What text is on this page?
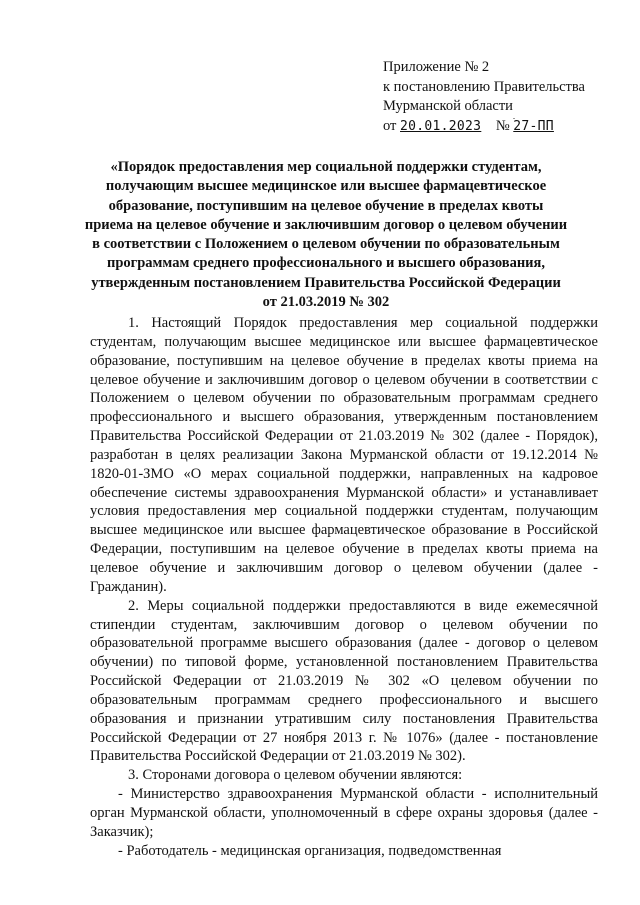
Приложение № 2
к постановлению Правительства
Мурманской области
от 20.01.2023 № 27-ПП
«Порядок предоставления мер социальной поддержки студентам, получающим высшее медицинское или высшее фармацевтическое образование, поступившим на целевое обучение в пределах квоты приема на целевое обучение и заключившим договор о целевом обучении в соответствии с Положением о целевом обучении по образовательным программам среднего профессионального и высшего образования, утвержденным постановлением Правительства Российской Федерации от 21.03.2019 № 302

1. Настоящий Порядок предоставления мер социальной поддержки студентам, получающим высшее медицинское или высшее фармацевтическое образование, поступившим на целевое обучение в пределах квоты приема на целевое обучение и заключившим договор о целевом обучении в соответствии с Положением о целевом обучении по образовательным программам среднего профессионального и высшего образования, утвержденным постановлением Правительства Российской Федерации от 21.03.2019 № 302 (далее - Порядок), разработан в целях реализации Закона Мурманской области от 19.12.2014 № 1820-01-ЗМО «О мерах социальной поддержки, направленных на кадровое обеспечение системы здравоохранения Мурманской области» и устанавливает условия предоставления мер социальной поддержки студентам, получающим высшее медицинское или высшее фармацевтическое образование в Российской Федерации, поступившим на целевое обучение в пределах квоты приема на целевое обучение и заключившим договор о целевом обучении (далее - Гражданин).

2. Меры социальной поддержки предоставляются в виде ежемесячной стипендии студентам, заключившим договор о целевом обучении по образовательной программе высшего образования (далее - договор о целевом обучении) по типовой форме, установленной постановлением Правительства Российской Федерации от 21.03.2019 № 302 «О целевом обучении по образовательным программам среднего профессионального и высшего образования и признании утратившим силу постановления Правительства Российской Федерации от 27 ноября 2013 г. № 1076» (далее - постановление Правительства Российской Федерации от 21.03.2019 № 302).

3. Сторонами договора о целевом обучении являются:

- Министерство здравоохранения Мурманской области - исполнительный орган Мурманской области, уполномоченный в сфере охраны здоровья (далее - Заказчик);

- Работодатель - медицинская организация, подведомственная
